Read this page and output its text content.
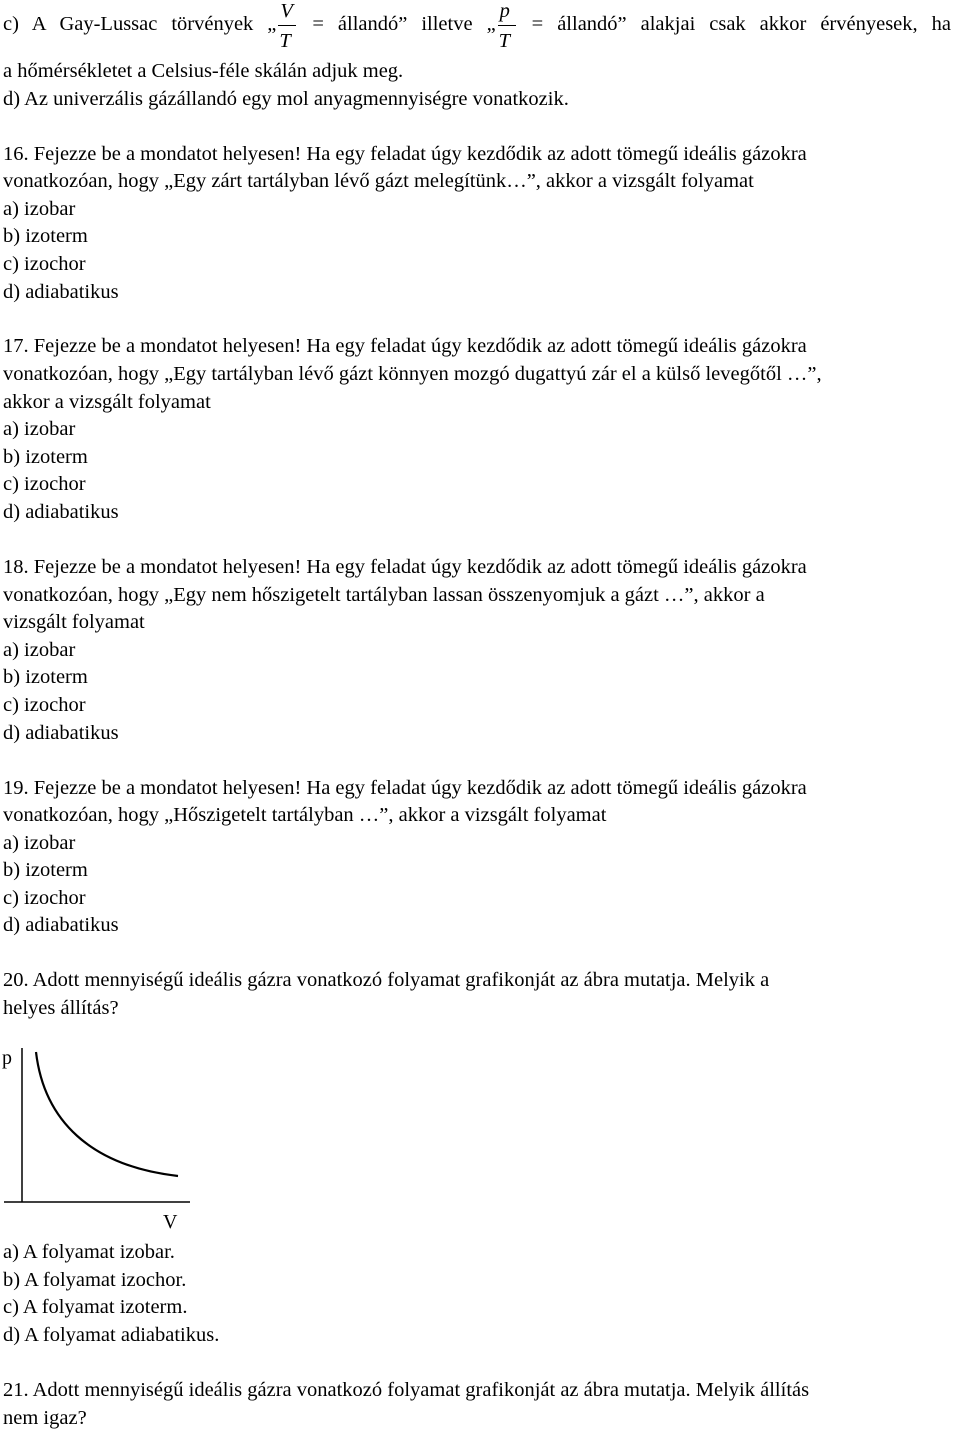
c) A Gay-Lussac törvények „ $\frac{V}{T}$ = állandó” illetve „ $\frac{p}{T}$ = állandó” alakjai csak akkor érvényesek, ha
a hőmérsékletet a Celsius-féle skálán adjuk meg.
d) Az univerzális gázállandó egy mol anyagmennyiségre vonatkozik.
16. Fejezze be a mondatot helyesen! Ha egy feladat úgy kezdődik az adott tömegű ideális gázokra
vonatkozóan, hogy „Egy zárt tartályban lévő gázt melegítünk…”, akkor a vizsgált folyamat
a) izobar
b) izoterm
c) izochor
d) adiabatikus
17. Fejezze be a mondatot helyesen! Ha egy feladat úgy kezdődik az adott tömegű ideális gázokra
vonatkozóan, hogy „Egy tartályban lévő gázt könnyen mozgó dugattyú zár el a külső levegőtől …”,
akkor a vizsgált folyamat
a) izobar
b) izoterm
c) izochor
d) adiabatikus
18. Fejezze be a mondatot helyesen! Ha egy feladat úgy kezdődik az adott tömegű ideális gázokra
vonatkozóan, hogy „Egy nem hőszigetelt tartályban lassan összenyomjuk a gázt …”, akkor a
vizsgált folyamat
a) izobar
b) izoterm
c) izochor
d) adiabatikus
19. Fejezze be a mondatot helyesen! Ha egy feladat úgy kezdődik az adott tömegű ideális gázokra
vonatkozóan, hogy „Hőszigetelt tartályban …”, akkor a vizsgált folyamat
a) izobar
b) izoterm
c) izochor
d) adiabatikus
20. Adott mennyiségű ideális gázra vonatkozó folyamat grafikonját az ábra mutatja. Melyik a
helyes állítás?
p
V
a) A folyamat izobar.
b) A folyamat izochor.
c) A folyamat izoterm.
d) A folyamat adiabatikus.
21. Adott mennyiségű ideális gázra vonatkozó folyamat grafikonját az ábra mutatja. Melyik állítás
nem igaz?
